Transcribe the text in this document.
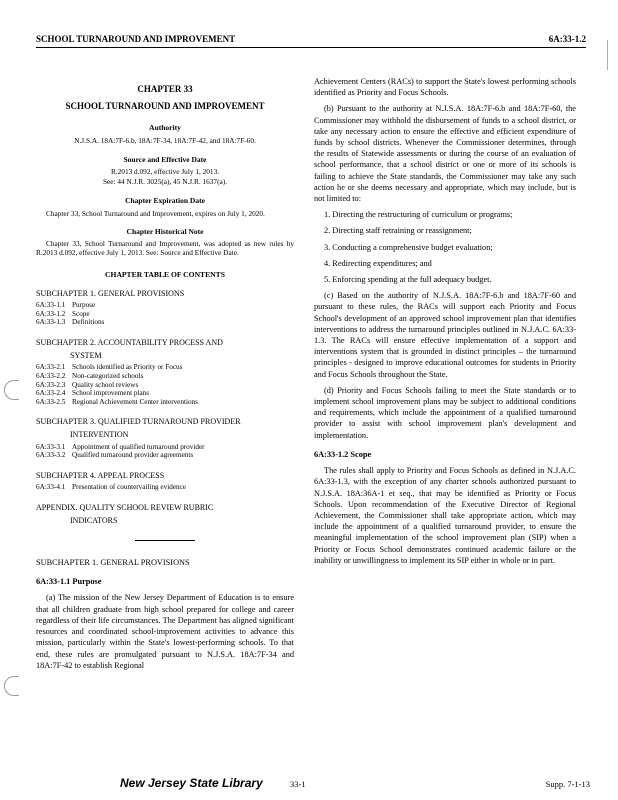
SCHOOL TURNAROUND AND IMPROVEMENT	6A:33-1.2
CHAPTER 33
SCHOOL TURNAROUND AND IMPROVEMENT
Authority
N.J.S.A. 18A:7F-6.b, 18A:7F-34, 18A:7F-42, and 18A:7F-60.
Source and Effective Date
R.2013 d.092, effective July 1, 2013.
See: 44 N.J.R. 3025(a), 45 N.J.R. 1637(a).
Chapter Expiration Date

Chapter 33, School Turnaround and Improvement, expires on July 1, 2020.

Chapter Historical Note

Chapter 33, School Turnaround and Improvement, was adopted as new rules by R.2013 d.092, effective July 1, 2013. See: Source and Effective Date.

CHAPTER TABLE OF CONTENTS
SUBCHAPTER 1. GENERAL PROVISIONS
6A:33-1.1 Purpose
6A:33-1.2 Scope
6A:33-1.3 Definitions
SUBCHAPTER 2. ACCOUNTABILITY PROCESS AND
SYSTEM
6A:33-2.1 Schools identified as Priority or Focus
6A:33-2.2 Non-categorized schools
6A:33-2.3 Quality school reviews
6A:33-2.4 School improvement plans
6A:33-2.5 Regional Achievement Center interventions
SUBCHAPTER 3. QUALIFIED TURNAROUND PROVIDER
INTERVENTION
6A:33-3.1 Appointment of qualified turnaround provider
6A:33-3.2 Qualified turnaround provider agreements
SUBCHAPTER 4. APPEAL PROCESS
6A:33-4.1 Presentation of countervailing evidence
APPENDIX. QUALITY SCHOOL REVIEW RUBRIC
INDICATORS
SUBCHAPTER 1. GENERAL PROVISIONS
6A:33-1.1 Purpose

(a) The mission of the New Jersey Department of Education is to ensure that all children graduate from high school prepared for college and career regardless of their life circumstances. The Department has aligned significant resources and coordinated school-improvement activities to advance this mission, particularly within the State's lowest-performing schools. To that end, these rules are promulgated pursuant to N.J.S.A. 18A:7F-34 and 18A:7F-42 to establish Regional

Achievement Centers (RACs) to support the State's lowest performing schools identified as Priority and Focus Schools.

(b) Pursuant to the authority at N.J.S.A. 18A:7F-6.b and 18A:7F-60, the Commissioner may withhold the disbursement of funds to a school district, or take any necessary action to ensure the effective and efficient expenditure of funds by school districts. Whenever the Commissioner determines, through the results of Statewide assessments or during the course of an evaluation of school performance, that a school district or one or more of its schools is failing to achieve the State standards, the Commissioner may take any such action he or she deems necessary and appropriate, which may include, but is not limited to:

1. Directing the restructuring of curriculum or programs;
2. Directing staff retraining or reassignment;
3. Conducting a comprehensive budget evaluation;
4. Redirecting expenditures; and
5. Enforcing spending at the full adequacy budget.

(c) Based on the authority of N.J.S.A. 18A:7F-6.b and 18A:7F-60 and pursuant to these rules, the RACs will support each Priority and Focus School's development of an approved school improvement plan that identifies interventions to address the turnaround principles outlined in N.J.A.C. 6A:33-1.3. The RACs will ensure effective implementation of a support and interventions system that is grounded in distinct principles – the turnaround principles - designed to improve educational outcomes for students in Priority and Focus Schools throughout the State.

(d) Priority and Focus Schools failing to meet the State standards or to implement school improvement plans may be subject to additional conditions and requirements, which include the appointment of a qualified turnaround provider to assist with school improvement plan's development and implementation.

6A:33-1.2 Scope

The rules shall apply to Priority and Focus Schools as defined in N.J.A.C. 6A:33-1.3, with the exception of any charter schools authorized pursuant to N.J.S.A. 18A:36A-1 et seq., that may be identified as Priority or Focus Schools. Upon recommendation of the Executive Director of Regional Achievement, the Commissioner shall take appropriate action, which may include the appointment of a qualified turnaround provider, to ensure the meaningful implementation of the school improvement plan (SIP) when a Priority or Focus School demonstrates continued academic failure or the inability or unwillingness to implement its SIP either in whole or in part.

New Jersey State Library	33-1	Supp. 7-1-13
